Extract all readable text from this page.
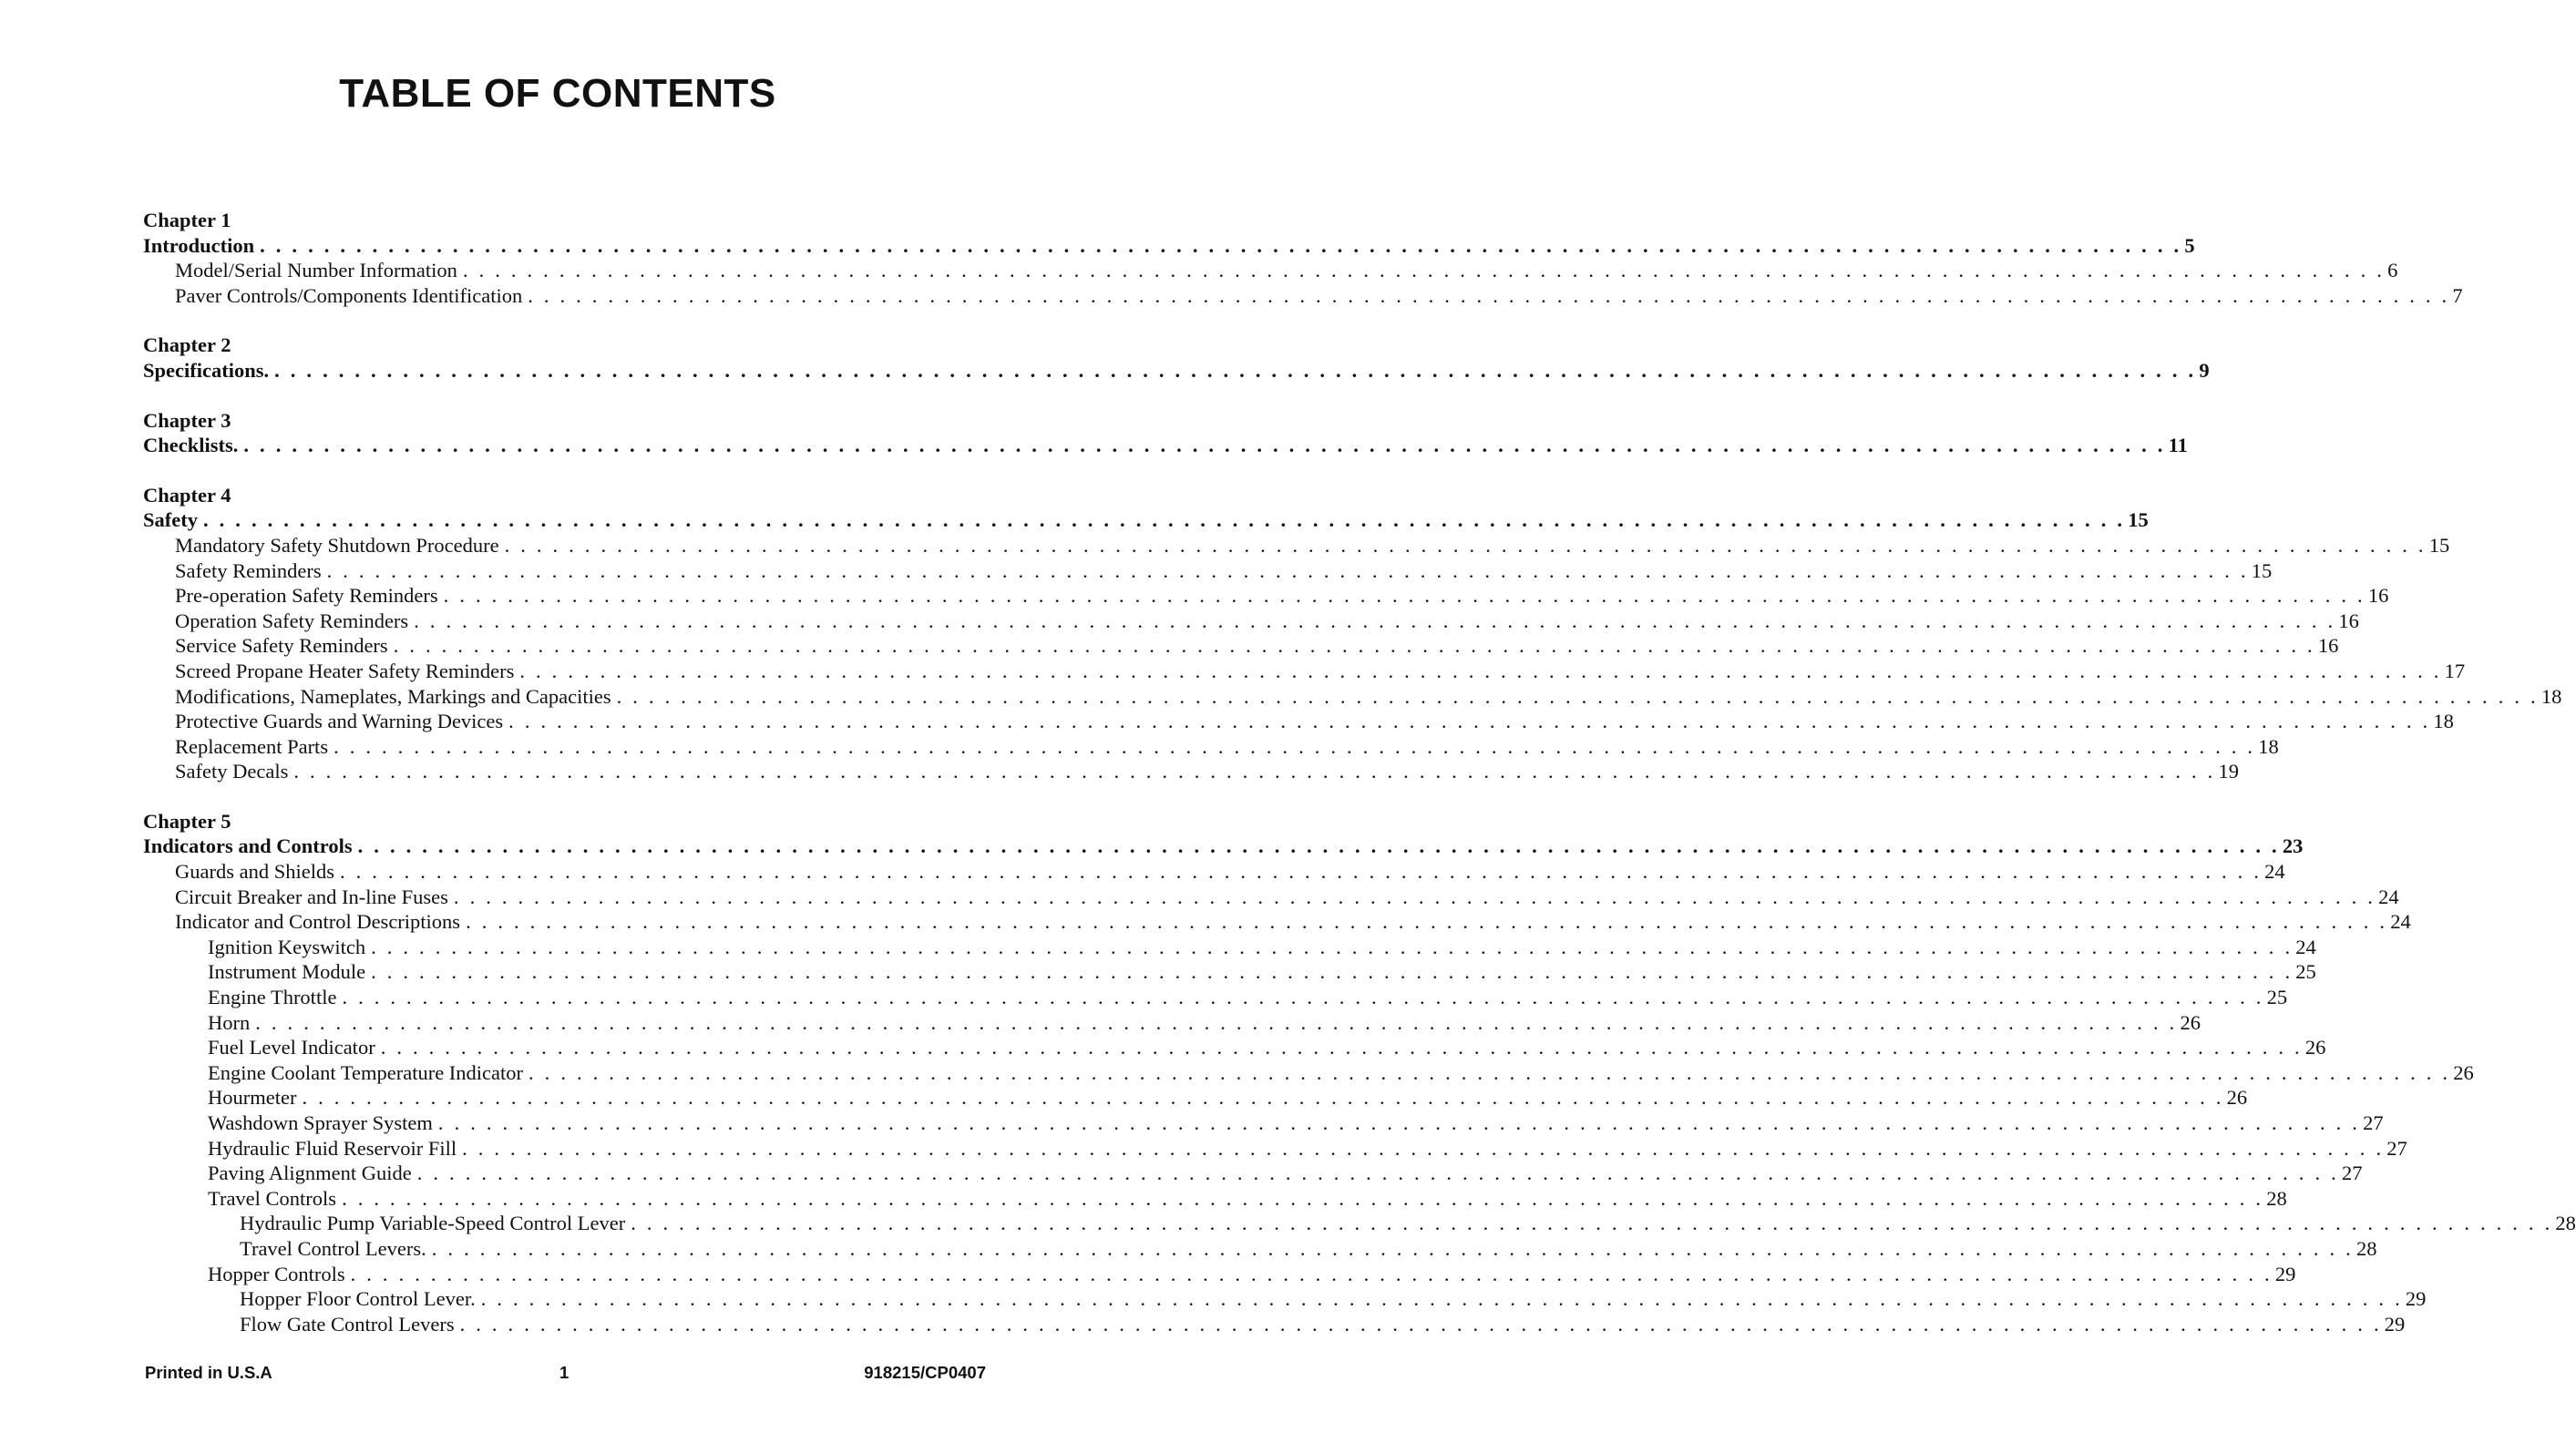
TABLE OF CONTENTS
Chapter 1
Introduction . . . . . . . . . . . . . . . . . . . . . . . . . . . . . . . . . . . . . . . . . . . . . . . . . . . . . . . . . . . . . . . . . . . . . . . . . . . . . . . . . . . . . . . . . . . . . . . . . . . . . . . . . . . . . . . . . . . . . . . . 5
Model/Serial Number Information . . . . . . . . . . . . . . . . . . . . . . . . . . . . . . . . . . . . . . . . . . . . . . . . . . . . . . . . . . . . . . . . . . . . . . . . . . . . . . . . . . . . . . . . . . . . . . . . . . . . . . . . . . . . . . . . . . . . . . . . 6
Paver Controls/Components Identification . . . . . . . . . . . . . . . . . . . . . . . . . . . . . . . . . . . . . . . . . . . . . . . . . . . . . . . . . . . . . . . . . . . . . . . . . . . . . . . . . . . . . . . . . . . . . . . . . . . . . . . . . . . . . . . . . . . . . . . . 7
Chapter 2
Specifications. . . . . . . . . . . . . . . . . . . . . . . . . . . . . . . . . . . . . . . . . . . . . . . . . . . . . . . . . . . . . . . . . . . . . . . . . . . . . . . . . . . . . . . . . . . . . . . . . . . . . . . . . . . . . . . . . . . . . . . . . 9
Chapter 3
Checklists. . . . . . . . . . . . . . . . . . . . . . . . . . . . . . . . . . . . . . . . . . . . . . . . . . . . . . . . . . . . . . . . . . . . . . . . . . . . . . . . . . . . . . . . . . . . . . . . . . . . . . . . . . . . . . . . . . . . . . . . . 11
Chapter 4
Safety . . . . . . . . . . . . . . . . . . . . . . . . . . . . . . . . . . . . . . . . . . . . . . . . . . . . . . . . . . . . . . . . . . . . . . . . . . . . . . . . . . . . . . . . . . . . . . . . . . . . . . . . . . . . . . . . . . . . . . . . 15
Mandatory Safety Shutdown Procedure . . . . . . . . . . . . . . . . . . . . . . . . . . . . . . . . . . . . . . . . . . . . . . . . . . . . . . . . . . . . . . . . . . . . . . . . . . . . . . . . . . . . . . . . . . . . . . . . . . . . . . . . . . . . . . . . . . . . . . . . 15
Safety Reminders . . . . . . . . . . . . . . . . . . . . . . . . . . . . . . . . . . . . . . . . . . . . . . . . . . . . . . . . . . . . . . . . . . . . . . . . . . . . . . . . . . . . . . . . . . . . . . . . . . . . . . . . . . . . . . . . . . . . . . . . 15
Pre-operation Safety Reminders . . . . . . . . . . . . . . . . . . . . . . . . . . . . . . . . . . . . . . . . . . . . . . . . . . . . . . . . . . . . . . . . . . . . . . . . . . . . . . . . . . . . . . . . . . . . . . . . . . . . . . . . . . . . . . . . . . . . . . . . 16
Operation Safety Reminders . . . . . . . . . . . . . . . . . . . . . . . . . . . . . . . . . . . . . . . . . . . . . . . . . . . . . . . . . . . . . . . . . . . . . . . . . . . . . . . . . . . . . . . . . . . . . . . . . . . . . . . . . . . . . . . . . . . . . . . . 16
Service Safety Reminders . . . . . . . . . . . . . . . . . . . . . . . . . . . . . . . . . . . . . . . . . . . . . . . . . . . . . . . . . . . . . . . . . . . . . . . . . . . . . . . . . . . . . . . . . . . . . . . . . . . . . . . . . . . . . . . . . . . . . . . . 16
Screed Propane Heater Safety Reminders . . . . . . . . . . . . . . . . . . . . . . . . . . . . . . . . . . . . . . . . . . . . . . . . . . . . . . . . . . . . . . . . . . . . . . . . . . . . . . . . . . . . . . . . . . . . . . . . . . . . . . . . . . . . . . . . . . . . . . . . 17
Modifications, Nameplates, Markings and Capacities . . . . . . . . . . . . . . . . . . . . . . . . . . . . . . . . . . . . . . . . . . . . . . . . . . . . . . . . . . . . . . . . . . . . . . . . . . . . . . . . . . . . . . . . . . . . . . . . . . . . . . . . . . . . . . . . . . . . . . . . 18
Protective Guards and Warning Devices . . . . . . . . . . . . . . . . . . . . . . . . . . . . . . . . . . . . . . . . . . . . . . . . . . . . . . . . . . . . . . . . . . . . . . . . . . . . . . . . . . . . . . . . . . . . . . . . . . . . . . . . . . . . . . . . . . . . . . . . 18
Replacement Parts . . . . . . . . . . . . . . . . . . . . . . . . . . . . . . . . . . . . . . . . . . . . . . . . . . . . . . . . . . . . . . . . . . . . . . . . . . . . . . . . . . . . . . . . . . . . . . . . . . . . . . . . . . . . . . . . . . . . . . . . 18
Safety Decals . . . . . . . . . . . . . . . . . . . . . . . . . . . . . . . . . . . . . . . . . . . . . . . . . . . . . . . . . . . . . . . . . . . . . . . . . . . . . . . . . . . . . . . . . . . . . . . . . . . . . . . . . . . . . . . . . . . . . . . . 19
Chapter 5
Indicators and Controls . . . . . . . . . . . . . . . . . . . . . . . . . . . . . . . . . . . . . . . . . . . . . . . . . . . . . . . . . . . . . . . . . . . . . . . . . . . . . . . . . . . . . . . . . . . . . . . . . . . . . . . . . . . . . . . . . . . . . . . . 23
Guards and Shields . . . . . . . . . . . . . . . . . . . . . . . . . . . . . . . . . . . . . . . . . . . . . . . . . . . . . . . . . . . . . . . . . . . . . . . . . . . . . . . . . . . . . . . . . . . . . . . . . . . . . . . . . . . . . . . . . . . . . . . . 24
Circuit Breaker and In-line Fuses . . . . . . . . . . . . . . . . . . . . . . . . . . . . . . . . . . . . . . . . . . . . . . . . . . . . . . . . . . . . . . . . . . . . . . . . . . . . . . . . . . . . . . . . . . . . . . . . . . . . . . . . . . . . . . . . . . . . . . . . 24
Indicator and Control Descriptions . . . . . . . . . . . . . . . . . . . . . . . . . . . . . . . . . . . . . . . . . . . . . . . . . . . . . . . . . . . . . . . . . . . . . . . . . . . . . . . . . . . . . . . . . . . . . . . . . . . . . . . . . . . . . . . . . . . . . . . . 24
Ignition Keyswitch . . . . . . . . . . . . . . . . . . . . . . . . . . . . . . . . . . . . . . . . . . . . . . . . . . . . . . . . . . . . . . . . . . . . . . . . . . . . . . . . . . . . . . . . . . . . . . . . . . . . . . . . . . . . . . . . . . . . . . . . 24
Instrument Module . . . . . . . . . . . . . . . . . . . . . . . . . . . . . . . . . . . . . . . . . . . . . . . . . . . . . . . . . . . . . . . . . . . . . . . . . . . . . . . . . . . . . . . . . . . . . . . . . . . . . . . . . . . . . . . . . . . . . . . . 25
Engine Throttle . . . . . . . . . . . . . . . . . . . . . . . . . . . . . . . . . . . . . . . . . . . . . . . . . . . . . . . . . . . . . . . . . . . . . . . . . . . . . . . . . . . . . . . . . . . . . . . . . . . . . . . . . . . . . . . . . . . . . . . . 25
Horn . . . . . . . . . . . . . . . . . . . . . . . . . . . . . . . . . . . . . . . . . . . . . . . . . . . . . . . . . . . . . . . . . . . . . . . . . . . . . . . . . . . . . . . . . . . . . . . . . . . . . . . . . . . . . . . . . . . . . . . . 26
Fuel Level Indicator . . . . . . . . . . . . . . . . . . . . . . . . . . . . . . . . . . . . . . . . . . . . . . . . . . . . . . . . . . . . . . . . . . . . . . . . . . . . . . . . . . . . . . . . . . . . . . . . . . . . . . . . . . . . . . . . . . . . . . . . 26
Engine Coolant Temperature Indicator . . . . . . . . . . . . . . . . . . . . . . . . . . . . . . . . . . . . . . . . . . . . . . . . . . . . . . . . . . . . . . . . . . . . . . . . . . . . . . . . . . . . . . . . . . . . . . . . . . . . . . . . . . . . . . . . . . . . . . . . 26
Hourmeter . . . . . . . . . . . . . . . . . . . . . . . . . . . . . . . . . . . . . . . . . . . . . . . . . . . . . . . . . . . . . . . . . . . . . . . . . . . . . . . . . . . . . . . . . . . . . . . . . . . . . . . . . . . . . . . . . . . . . . . . 26
Washdown Sprayer System . . . . . . . . . . . . . . . . . . . . . . . . . . . . . . . . . . . . . . . . . . . . . . . . . . . . . . . . . . . . . . . . . . . . . . . . . . . . . . . . . . . . . . . . . . . . . . . . . . . . . . . . . . . . . . . . . . . . . . . . 27
Hydraulic Fluid Reservoir Fill . . . . . . . . . . . . . . . . . . . . . . . . . . . . . . . . . . . . . . . . . . . . . . . . . . . . . . . . . . . . . . . . . . . . . . . . . . . . . . . . . . . . . . . . . . . . . . . . . . . . . . . . . . . . . . . . . . . . . . . . 27
Paving Alignment Guide . . . . . . . . . . . . . . . . . . . . . . . . . . . . . . . . . . . . . . . . . . . . . . . . . . . . . . . . . . . . . . . . . . . . . . . . . . . . . . . . . . . . . . . . . . . . . . . . . . . . . . . . . . . . . . . . . . . . . . . . 27
Travel Controls . . . . . . . . . . . . . . . . . . . . . . . . . . . . . . . . . . . . . . . . . . . . . . . . . . . . . . . . . . . . . . . . . . . . . . . . . . . . . . . . . . . . . . . . . . . . . . . . . . . . . . . . . . . . . . . . . . . . . . . . 28
Hydraulic Pump Variable-Speed Control Lever . . . . . . . . . . . . . . . . . . . . . . . . . . . . . . . . . . . . . . . . . . . . . . . . . . . . . . . . . . . . . . . . . . . . . . . . . . . . . . . . . . . . . . . . . . . . . . . . . . . . . . . . . . . . . . . . . . . . . . . . 28
Travel Control Levers. . . . . . . . . . . . . . . . . . . . . . . . . . . . . . . . . . . . . . . . . . . . . . . . . . . . . . . . . . . . . . . . . . . . . . . . . . . . . . . . . . . . . . . . . . . . . . . . . . . . . . . . . . . . . . . . . . . . . . . . . 28
Hopper Controls . . . . . . . . . . . . . . . . . . . . . . . . . . . . . . . . . . . . . . . . . . . . . . . . . . . . . . . . . . . . . . . . . . . . . . . . . . . . . . . . . . . . . . . . . . . . . . . . . . . . . . . . . . . . . . . . . . . . . . . . 29
Hopper Floor Control Lever. . . . . . . . . . . . . . . . . . . . . . . . . . . . . . . . . . . . . . . . . . . . . . . . . . . . . . . . . . . . . . . . . . . . . . . . . . . . . . . . . . . . . . . . . . . . . . . . . . . . . . . . . . . . . . . . . . . . . . . . . 29
Flow Gate Control Levers . . . . . . . . . . . . . . . . . . . . . . . . . . . . . . . . . . . . . . . . . . . . . . . . . . . . . . . . . . . . . . . . . . . . . . . . . . . . . . . . . . . . . . . . . . . . . . . . . . . . . . . . . . . . . . . . . . . . . . . . 29
Printed in U.S.A	1	918215/CP0407
